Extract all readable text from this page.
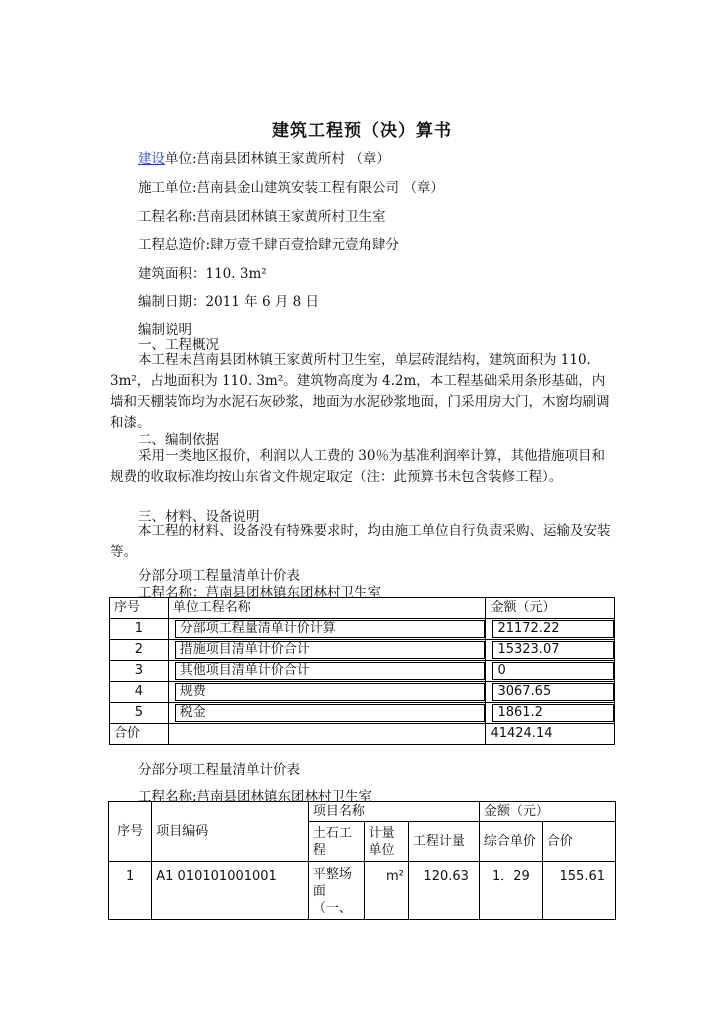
建筑工程预（决）算书
建设单位:莒南县团林镇王家黄所村 （章）
施工单位:莒南县金山建筑安装工程有限公司 （章）
工程名称:莒南县团林镇王家黄所村卫生室
工程总造价:肆万壹千肆百壹拾肆元壹角肆分
建筑面积：110. 3m²
编制日期：2011 年 6 月 8 日
编制说明
一、工程概况
本工程未莒南县团林镇王家黄所村卫生室，单层砖混结构，建筑面积为 110. 3m²，占地面积为 110. 3m²。建筑物高度为 4.2m，本工程基础采用条形基础，内墙和天棚装饰均为水泥石灰砂浆，地面为水泥砂浆地面，门采用房大门，木窗均刷调和漆。
二、编制依据
采用一类地区报价，利润以人工费的 30％为基准利润率计算，其他措施项目和规费的收取标准均按山东省文件规定取定（注：此预算书未包含装修工程）。
三、材料、设备说明
本工程的材料、设备没有特殊要求时，均由施工单位自行负责采购、运输及安装等。
分部分项工程量清单计价表
工程名称：莒南县团林镇东团林村卫生室
序号	单位工程名称	金额（元）
1	分部项工程量清单计价计算	21172.22

2	措施项目清单计价合计	15323.07

3	其他项目清单计价合计	0

4	规费	3067.65

5	税金	1861.2

合价		41424.14
分部分项工程量清单计价表
工程名称:莒南县团林镇东团林村卫生室
序号	项目编码	项目名称			金额（元）	
		土石工程	计量单位	工程计量	综合单价	合价
1	A1 010101001001	平整场面（一、	m²	120.63	1．29	155.61
